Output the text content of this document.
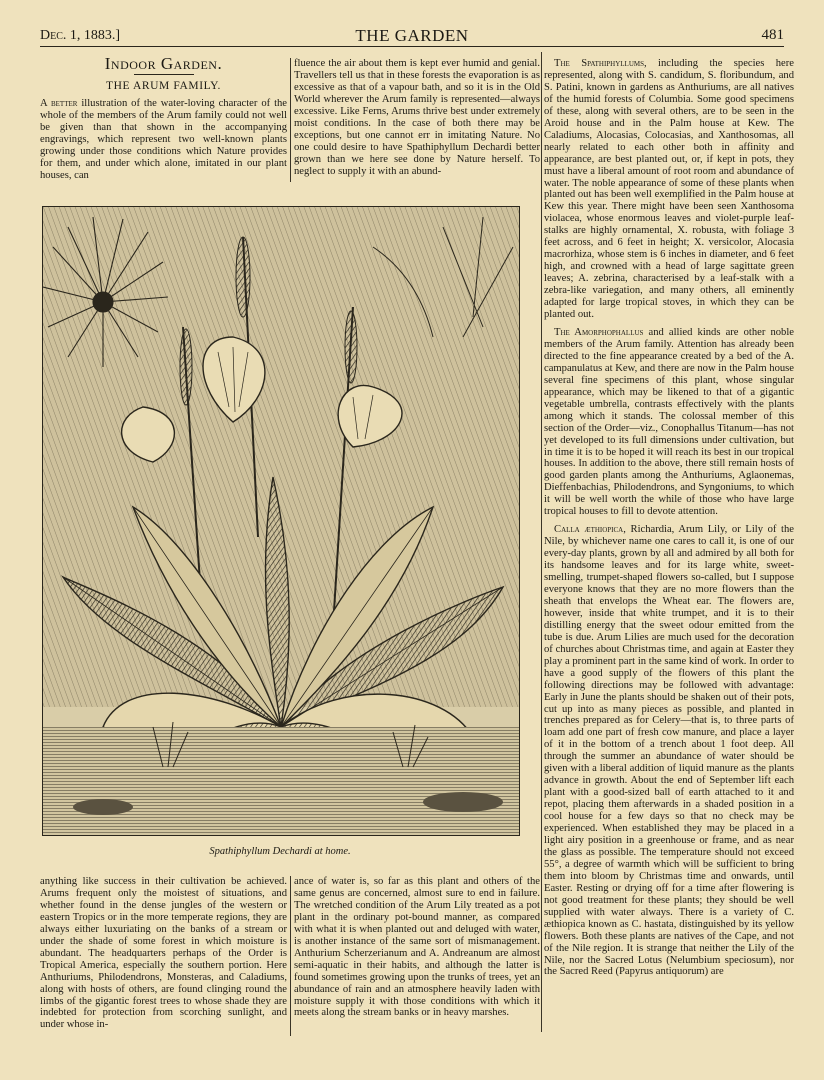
Dec. 1, 1883.]	THE GARDEN	481
Indoor Garden.
THE ARUM FAMILY.

A better illustration of the water-loving character of the whole of the members of the Arum family could not well be given than that shown in the accompanying engravings, which represent two well-known plants growing under those conditions which Nature provides for them, and under which alone, imitated in our plant houses, can

fluence the air about them is kept ever humid and genial. Travellers tell us that in these forests the evaporation is as excessive as that of a vapour bath, and so it is in the Old World wherever the Arum family is represented—always excessive. Like Ferns, Arums thrive best under extremely moist conditions. In the case of both there may be exceptions, but one cannot err in imitating Nature. No one could desire to have Spathiphyllum Dechardi better grown than we here see done by Nature herself. To neglect to supply it with an abund-

The Spathiphyllums, including the species here represented, along with S. candidum, S. floribundum, and S. Patini, known in gardens as Anthuriums, are all natives of the humid forests of Columbia. Some good specimens of these, along with several others, are to be seen in the Aroid house and in the Palm house at Kew. The Caladiums, Alocasias, Colocasias, and Xanthosomas, all nearly related to each other both in affinity and appearance, are best planted out, or, if kept in pots, they must have a liberal amount of root room and abundance of water. The noble appearance of some of these plants when planted out has been well exemplified in the Palm house at Kew this year. There might have been seen Xanthosoma violacea, whose enormous leaves and violet-purple leaf-stalks are highly ornamental, X. robusta, with foliage 3 feet across, and 6 feet in height; X. versicolor, Alocasia macrorhiza, whose stem is 6 inches in diameter, and 6 feet high, and crowned with a head of large sagittate green leaves; A. zebrina, characterised by a leaf-stalk with a zebra-like variegation, and many others, all eminently adapted for large tropical stoves, in which they can be planted out.

The Amorphophallus and allied kinds are other noble members of the Arum family. Attention has already been directed to the fine appearance created by a bed of the A. campanulatus at Kew, and there are now in the Palm house several fine specimens of this plant, whose singular appearance, which may be likened to that of a gigantic vegetable umbrella, contrasts effectively with the plants among which it stands. The colossal member of this section of the Order—viz., Conophallus Titanum—has not yet developed to its full dimensions under cultivation, but in time it is to be hoped it will reach its best in our tropical houses. In addition to the above, there still remain hosts of good garden plants among the Anthuriums, Aglaonemas, Dieffenbachias, Philodendrons, and Syngoniums, to which it will be well worth the while of those who have large tropical houses to fill to devote attention.

Calla æthiopica, Richardia, Arum Lily, or Lily of the Nile, by whichever name one cares to call it, is one of our every-day plants, grown by all and admired by all both for its handsome leaves and for its large white, sweet-smelling, trumpet-shaped flowers so-called, but I suppose everyone knows that they are no more flowers than the sheath that envelops the Wheat ear. The flowers are, however, inside that white trumpet, and it is to their distilling energy that the sweet odour emitted from the tube is due. Arum Lilies are much used for the decoration of churches about Christmas time, and again at Easter they play a prominent part in the same kind of work. In order to have a good supply of the flowers of this plant the following directions may be followed with advantage: Early in June the plants should be shaken out of their pots, cut up into as many pieces as possible, and planted in trenches prepared as for Celery—that is, to three parts of loam add one part of fresh cow manure, and place a layer of it in the bottom of a trench about 1 foot deep. All through the summer an abundance of water should be given with a liberal addition of liquid manure as the plants advance in growth. About the end of September lift each plant with a good-sized ball of earth attached to it and repot, placing them afterwards in a shaded position in a cool house for a few days so that no check may be experienced. When established they may be placed in a light airy position in a greenhouse or frame, and as near the glass as possible. The temperature should not exceed 55°, a degree of warmth which will be sufficient to bring them into bloom by Christmas time and onwards, until Easter. Resting or drying off for a time after flowering is not good treatment for these plants; they should be well supplied with water always. There is a variety of C. æthiopica known as C. hastata, distinguished by its yellow flowers. Both these plants are natives of the Cape, and not of the Nile region. It is strange that neither the Lily of the Nile, nor the Sacred Lotus (Nelumbium speciosum), nor the Sacred Reed (Papyrus antiquorum) are

Spathiphyllum Dechardi at home.

anything like success in their cultivation be achieved. Arums frequent only the moistest of situations, and whether found in the dense jungles of the western or eastern Tropics or in the more temperate regions, they are always either luxuriating on the banks of a stream or under the shade of some forest in which moisture is abundant. The headquarters perhaps of the Order is Tropical America, especially the southern portion. Here Anthuriums, Philodendrons, Monsteras, and Caladiums, along with hosts of others, are found clinging round the limbs of the gigantic forest trees to whose shade they are indebted for protection from scorching sunlight, and under whose in-

ance of water is, so far as this plant and others of the same genus are concerned, almost sure to end in failure. The wretched condition of the Arum Lily treated as a pot plant in the ordinary pot-bound manner, as compared with what it is when planted out and deluged with water, is another instance of the same sort of mismanagement. Anthurium Scherzerianum and A. Andreanum are almost semi-aquatic in their habits, and although the latter is found sometimes growing upon the trunks of trees, yet an abundance of rain and an atmosphere heavily laden with moisture supply it with those conditions with which it meets along the stream banks or in heavy marshes.
